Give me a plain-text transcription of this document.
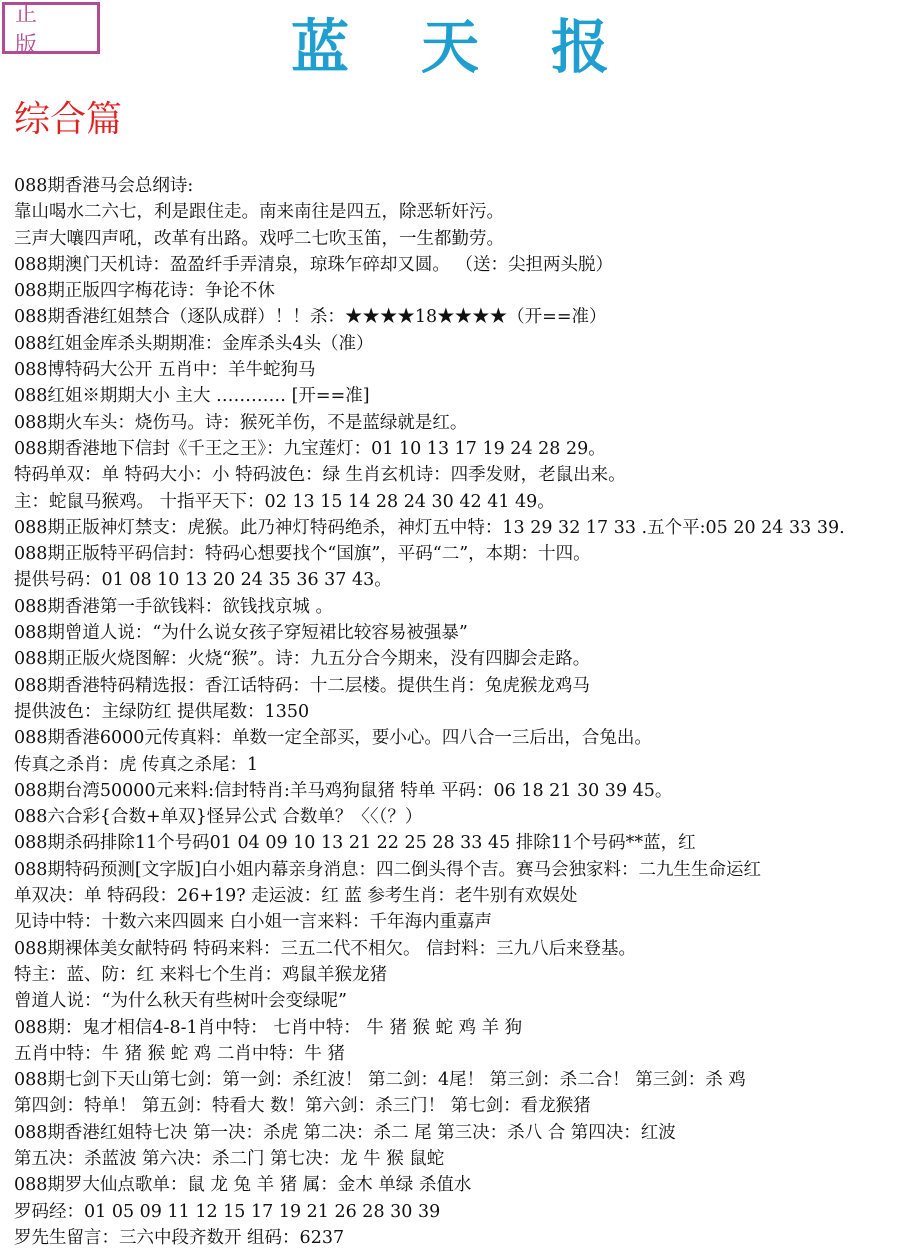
正 版	蓝天报
综合篇
088期香港马会总纲诗:
靠山喝水二六七，利是跟住走。南来南往是四五，除恶斩奸污。
三声大嚷四声吼，改革有出路。戏呼二七吹玉笛，一生都勤劳。
088期澳门天机诗：盈盈纤手弄清泉，琼珠乍碎却又圆。 （送：尖担两头脱）
088期正版四字梅花诗：争论不休
088期香港红姐禁合（逐队成群）！！杀：★★★★18★★★★（开==准）
088红姐金库杀头期期准：金库杀头4头（准）
088博特码大公开 五肖中：羊牛蛇狗马
088红姐※期期大小 主大 ………… [开==准]
088期火车头：烧伤马。诗：猴死羊伤，不是蓝绿就是红。
088期香港地下信封《千王之王》：九宝莲灯：01 10 13 17 19 24 28 29。
特码单双：单 特码大小：小 特码波色：绿 生肖玄机诗：四季发财，老鼠出来。
主：蛇鼠马猴鸡。 十指平天下：02 13 15 14 28 24 30 42 41 49。
088期正版神灯禁支：虎猴。此乃神灯特码绝杀，神灯五中特：13 29 32 17 33 .五个平:05 20 24 33 39.
088期正版特平码信封：特码心想要找个“国旗”，平码“二”，本期：十四。
提供号码：01 08 10 13 20 24 35 36 37 43。
088期香港第一手欲钱料：欲钱找京城 。
088期曾道人说：“为什么说女孩子穿短裙比较容易被强暴”
088期正版火烧图解：火烧“猴”。诗：九五分合今期来，没有四脚会走路。
088期香港特码精选报：香江话特码：十二层楼。提供生肖：兔虎猴龙鸡马
提供波色：主绿防红 提供尾数：1350
088期香港6000元传真料：单数一定全部买，要小心。四八合一三后出，合兔出。
传真之杀肖：虎 传真之杀尾：1
088期台湾50000元来料:信封特肖:羊马鸡狗鼠猪 特单 平码：06 18 21 30 39 45。
088六合彩{合数+单双}怪异公式 合数单？〈〈（？）
088期杀码排除11个号码01 04 09 10 13 21 22 25 28 33 45 排除11个号码**蓝，红
088期特码预测[文字版]白小姐内幕亲身消息：四二倒头得个吉。赛马会独家料：二九生生命运红
单双决：单 特码段：26+19? 走运波：红 蓝 参考生肖：老牛别有欢娱处
见诗中特：十数六来四圆来 白小姐一言来料：千年海内重嘉声
088期裸体美女献特码 特码来料：三五二代不相欠。 信封料：三九八后来登基。
特主：蓝、防：红 来料七个生肖：鸡鼠羊猴龙猪
曾道人说：“为什么秋天有些树叶会变绿呢”
088期：鬼才相信4-8-1肖中特： 七肖中特： 牛 猪 猴 蛇 鸡 羊 狗
五肖中特：牛 猪 猴 蛇 鸡 二肖中特：牛 猪
088期七剑下天山第七剑：第一剑：杀红波！ 第二剑：4尾！ 第三剑：杀二合！ 第三剑：杀 鸡
第四剑：特单！ 第五剑：特看大 数！第六剑：杀三门！ 第七剑：看龙猴猪
088期香港红姐特七决 第一决：杀虎 第二决：杀二 尾 第三决：杀八 合 第四决：红波
第五决：杀蓝波 第六决：杀二门 第七决：龙 牛 猴 鼠蛇
088期罗大仙点歌单：鼠 龙 兔 羊 猪 属：金木 单绿 杀值水
罗码经：01 05 09 11 12 15 17 19 21 26 28 30 39
罗先生留言：三六中段齐数开 组码：6237
